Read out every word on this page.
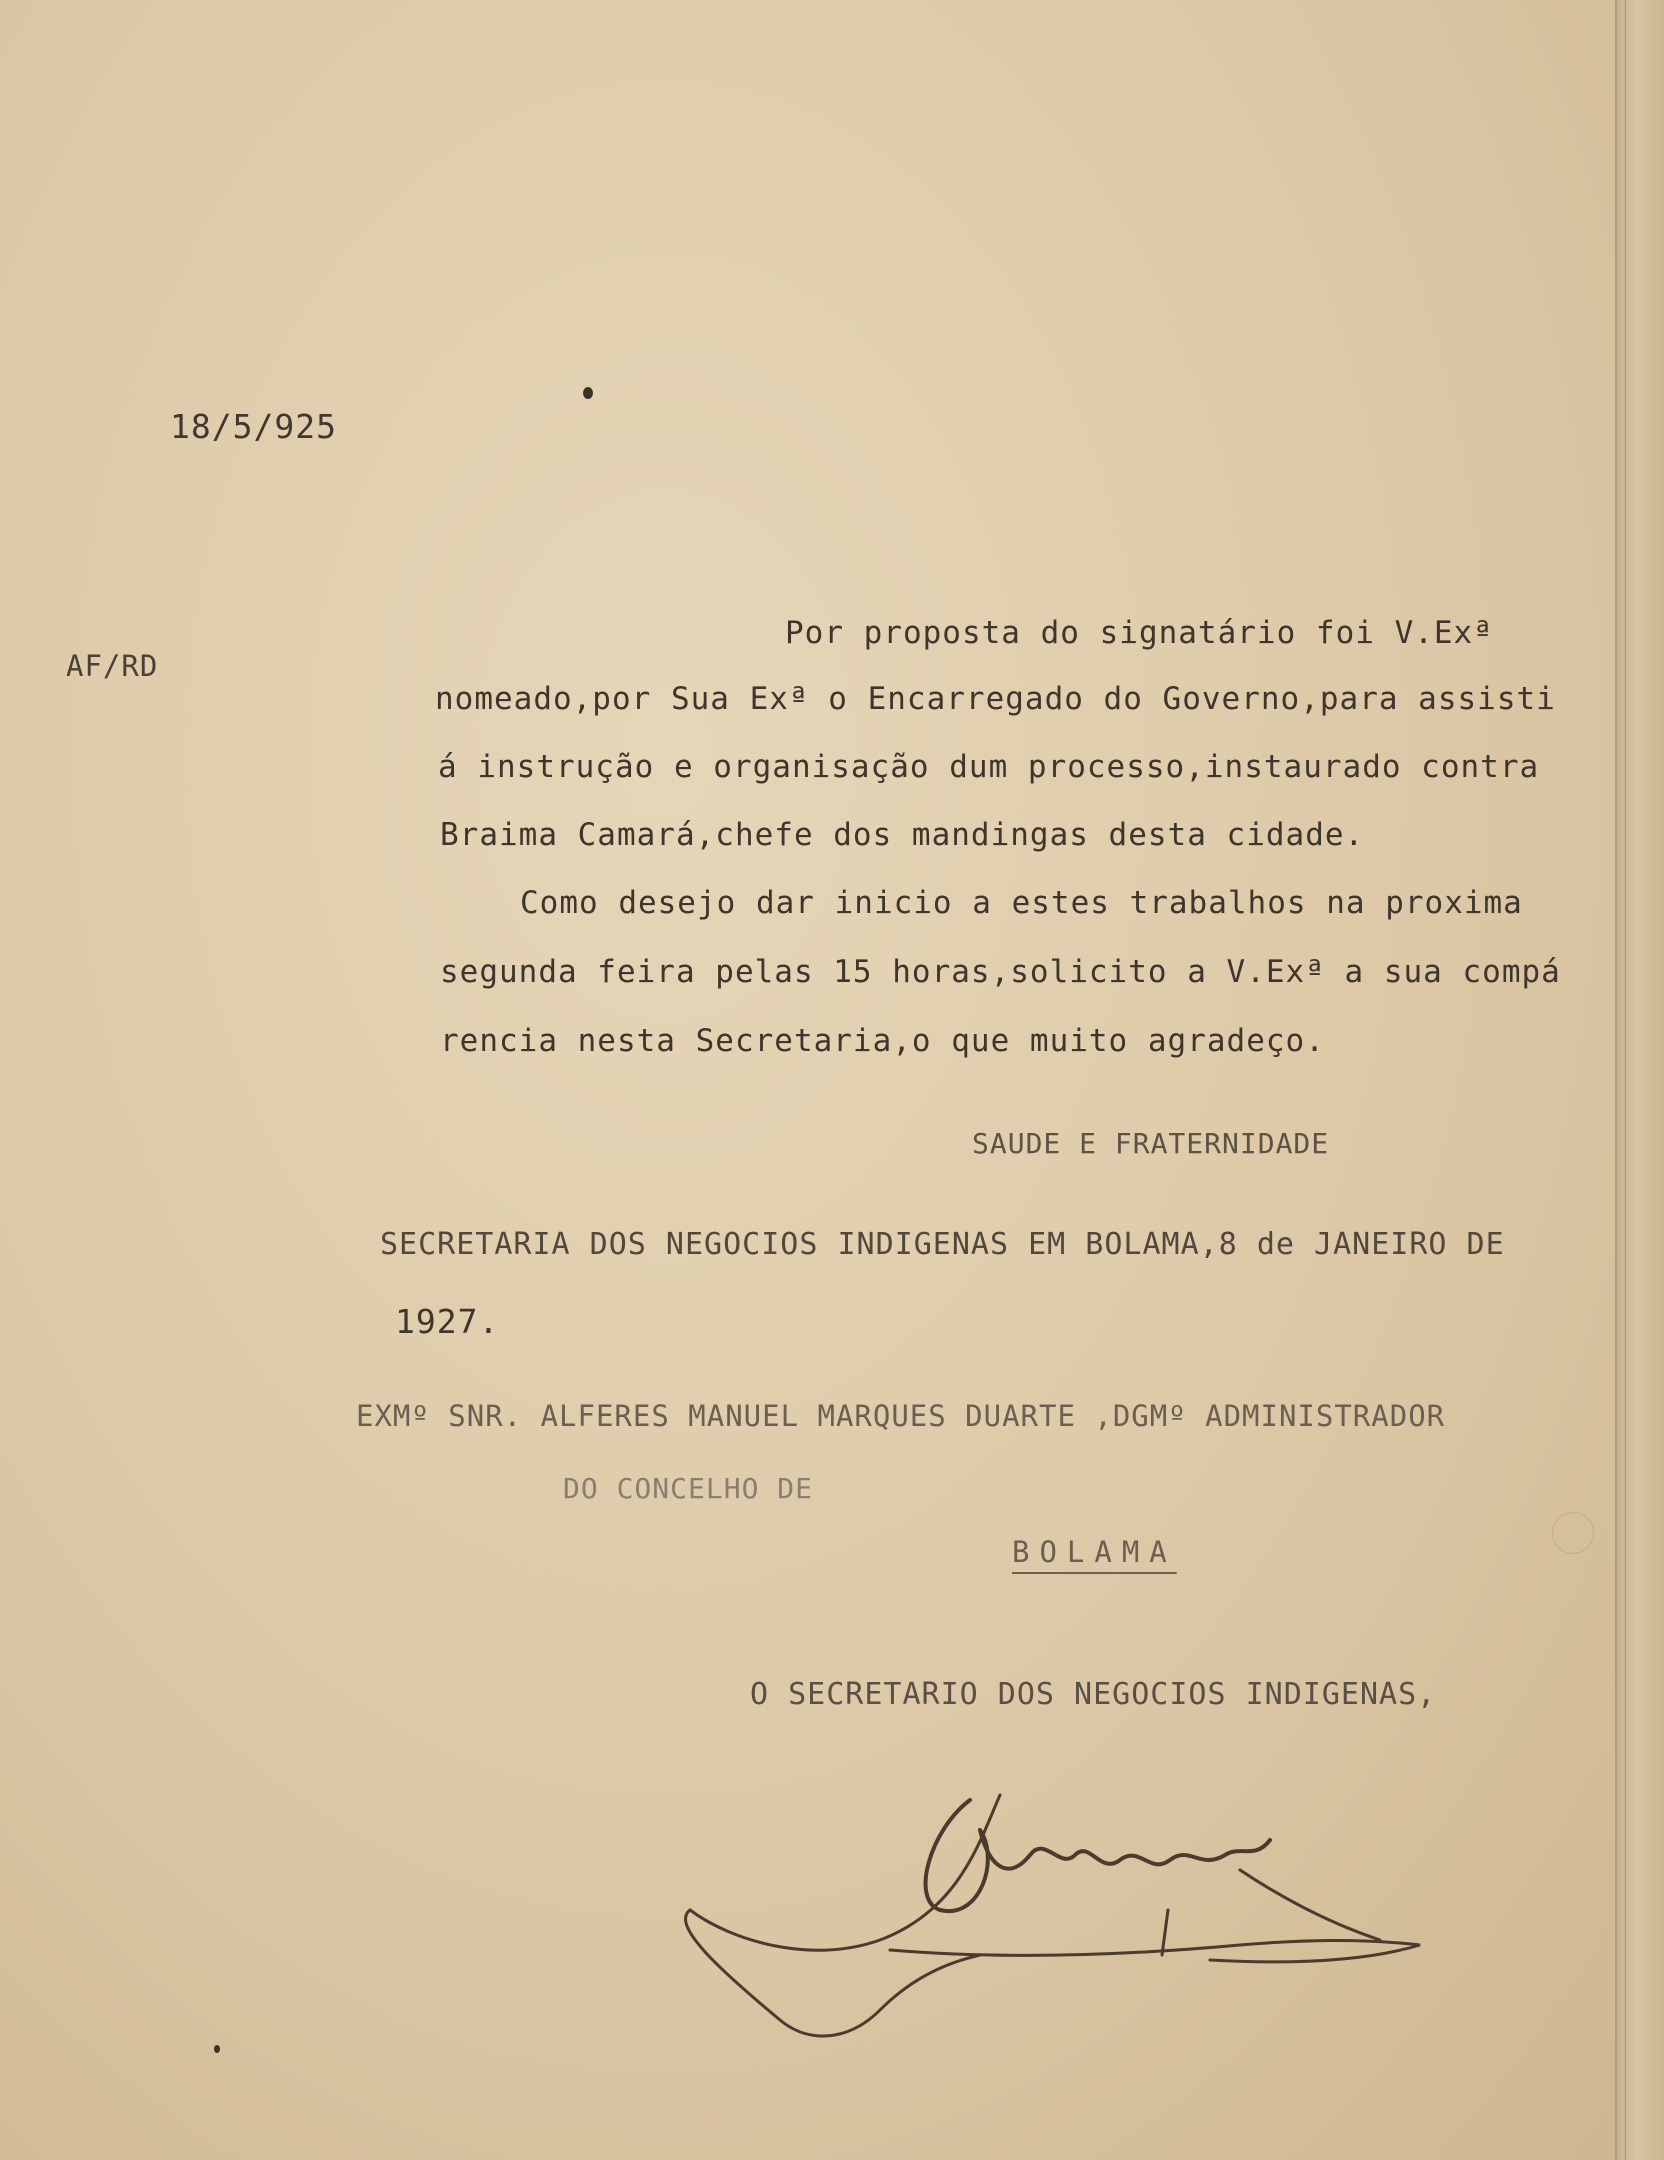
18/5/925
AF/RD
Por proposta do signatário foi V.Exª
nomeado,por Sua Exª o Encarregado do Governo,para assisti
á instrução e organisação dum processo,instaurado contra
Braima Camará,chefe dos mandingas desta cidade.
Como desejo dar inicio a estes trabalhos na proxima
segunda feira pelas 15 horas,solicito a V.Exª a sua compá
rencia nesta Secretaria,o que muito agradeço.
SAUDE E FRATERNIDADE
SECRETARIA DOS NEGOCIOS INDIGENAS EM BOLAMA,8 de JANEIRO DE
1927.
EXMº SNR. ALFERES MANUEL MARQUES DUARTE ,DGMº ADMINISTRADOR
DO CONCELHO DE
BOLAMA
O SECRETARIO DOS NEGOCIOS INDIGENAS,
